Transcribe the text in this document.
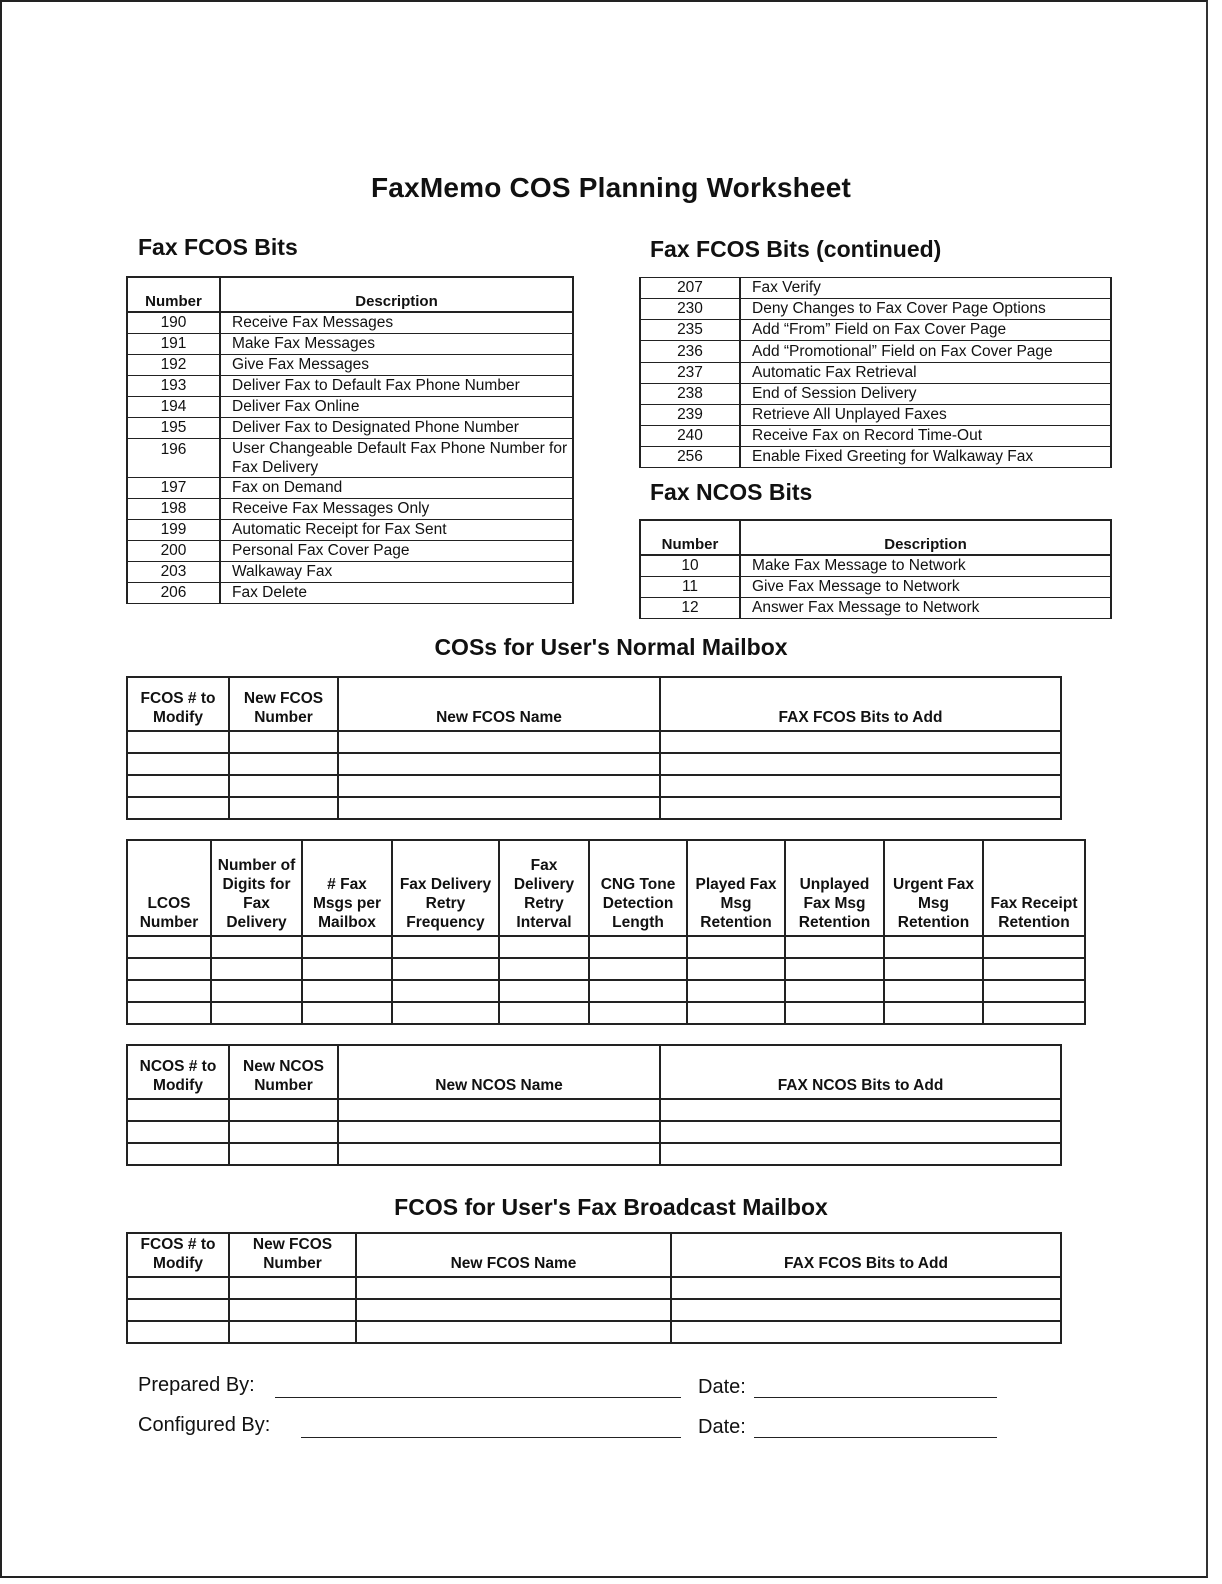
FaxMemo COS Planning Worksheet
Fax FCOS Bits
Number	Description
190	Receive Fax Messages
191	Make Fax Messages
192	Give Fax Messages
193	Deliver Fax to Default Fax Phone Number
194	Deliver Fax Online
195	Deliver Fax to Designated Phone Number
196	User Changeable Default Fax Phone Number for Fax Delivery
197	Fax on Demand
198	Receive Fax Messages Only
199	Automatic Receipt for Fax Sent
200	Personal Fax Cover Page
203	Walkaway Fax
206	Fax Delete
Fax FCOS Bits (continued)
207	Fax Verify
230	Deny Changes to Fax Cover Page Options
235	Add “From” Field on Fax Cover Page
236	Add “Promotional” Field on Fax Cover Page
237	Automatic Fax Retrieval
238	End of Session Delivery
239	Retrieve All Unplayed Faxes
240	Receive Fax on Record Time-Out
256	Enable Fixed Greeting for Walkaway Fax
Fax NCOS Bits
Number	Description
10	Make Fax Message to Network
11	Give Fax Message to Network
12	Answer Fax Message to Network
COSs for User's Normal Mailbox
FCOS # to Modify	New FCOS Number	New FCOS Name	FAX FCOS Bits to Add

LCOS Number	Number of Digits for Fax Delivery	# Fax Msgs per Mailbox	Fax Delivery Retry Frequency	Fax Delivery Retry Interval	CNG Tone Detection Length	Played Fax Msg Retention	Unplayed Fax Msg Retention	Urgent Fax Msg Retention	Fax Receipt Retention

NCOS # to Modify	New NCOS Number	New NCOS Name	FAX NCOS Bits to Add

FCOS for User's Fax Broadcast Mailbox
FCOS # to Modify	New FCOS Number	New FCOS Name	FAX FCOS Bits to Add

Prepared By:	Date:
Configured By:	Date:
